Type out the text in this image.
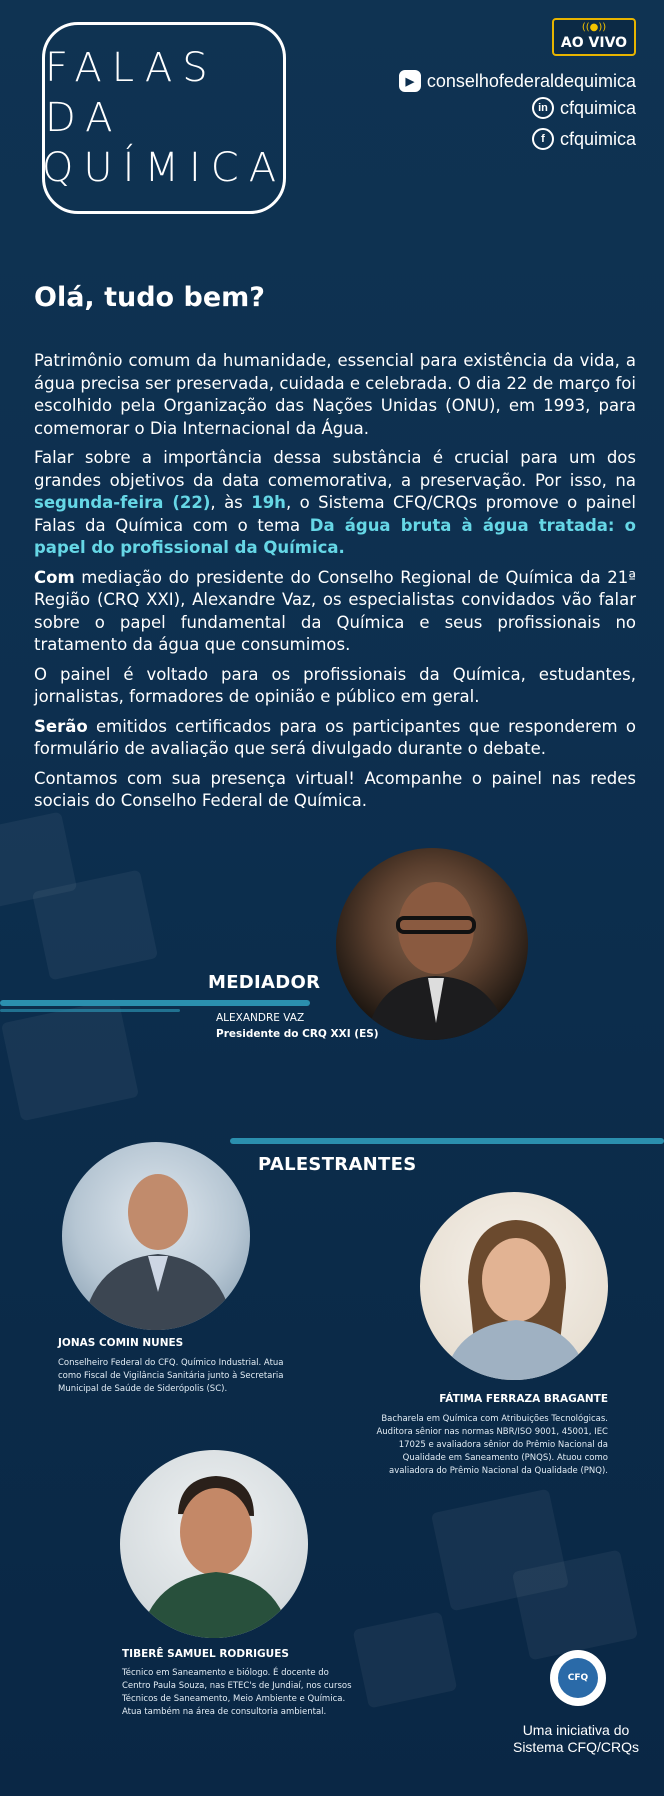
FALAS DA
QUÍMICA
((●))
AO VIVO
▶ conselhofederaldequimica
in cfquimica
f cfquimica
Olá, tudo bem?

Patrimônio comum da humanidade, essencial para existência da vida, a água precisa ser preservada, cuidada e celebrada. O dia 22 de março foi escolhido pela Organização das Nações Unidas (ONU), em 1993, para comemorar o Dia Internacional da Água.

Falar sobre a importância dessa substância é crucial para um dos grandes objetivos da data comemorativa, a preservação. Por isso, na segunda-feira (22), às 19h, o Sistema CFQ/CRQs promove o painel Falas da Química com o tema Da água bruta à água tratada: o papel do profissional da Química.

Com mediação do presidente do Conselho Regional de Química da 21ª Região (CRQ XXI), Alexandre Vaz, os especialistas convidados vão falar sobre o papel fundamental da Química e seus profissionais no tratamento da água que consumimos.

O painel é voltado para os profissionais da Química, estudantes, jornalistas, formadores de opinião e público em geral.

Serão emitidos certificados para os participantes que responderem o formulário de avaliação que será divulgado durante o debate.

Contamos com sua presença virtual! Acompanhe o painel nas redes sociais do Conselho Federal de Química.

MEDIADOR
ALEXANDRE VAZ
Presidente do CRQ XXI (ES)
PALESTRANTES
JONAS COMIN NUNES
Conselheiro Federal do CFQ. Químico Industrial. Atua como Fiscal de Vigilância Sanitária junto à Secretaria Municipal de Saúde de Siderópolis (SC).
FÁTIMA FERRAZA BRAGANTE
Bacharela em Química com Atribuições Tecnológicas. Auditora sênior nas normas NBR/ISO 9001, 45001, IEC 17025 e avaliadora sênior do Prêmio Nacional da Qualidade em Saneamento (PNQS). Atuou como avaliadora do Prêmio Nacional da Qualidade (PNQ).
TIBERÊ SAMUEL RODRIGUES
Técnico em Saneamento e biólogo. É docente do Centro Paula Souza, nas ETEC's de Jundiaí, nos cursos Técnicos de Saneamento, Meio Ambiente e Química. Atua também na área de consultoria ambiental.
CFQ
Uma iniciativa do Sistema CFQ/CRQs
